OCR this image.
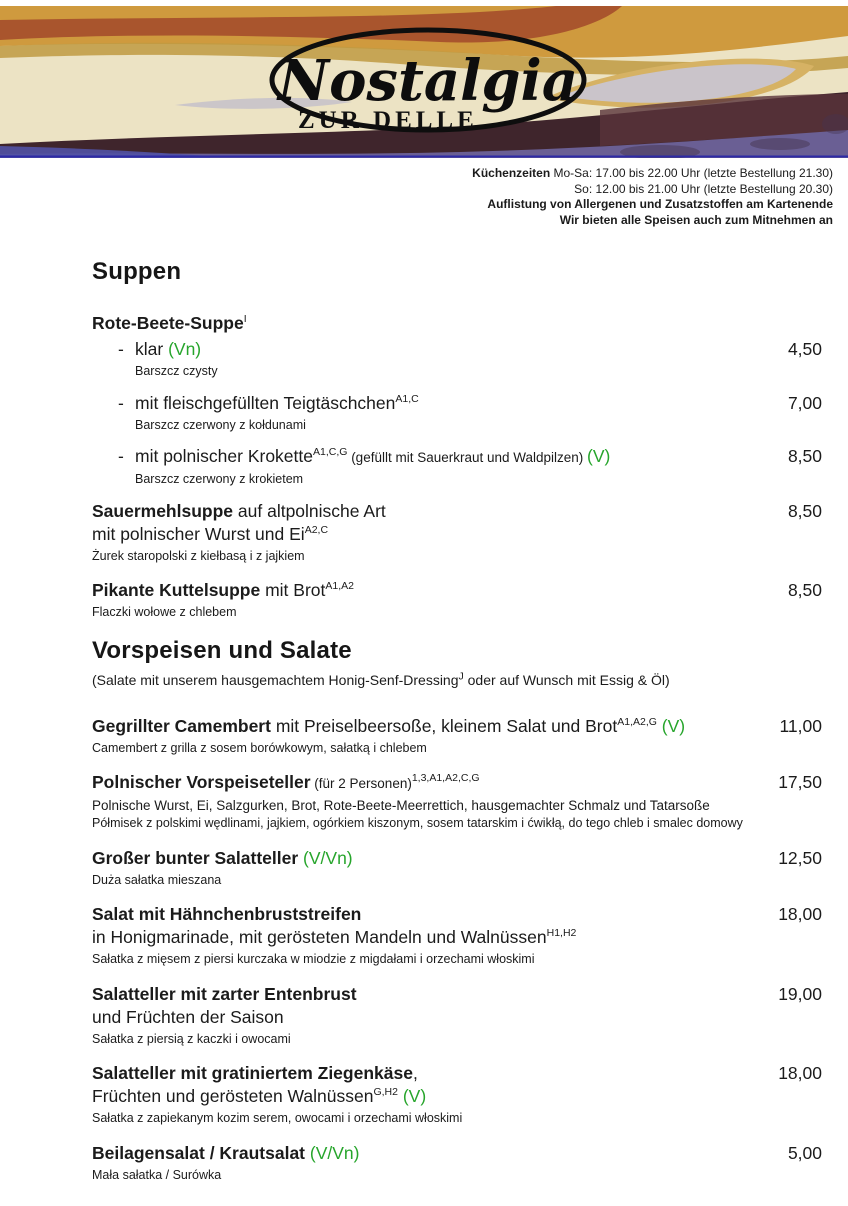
Nostalgia
ZUR DELLE
Küchenzeiten Mo-Sa: 17.00 bis 22.00 Uhr (letzte Bestellung 21.30)
So: 12.00 bis 21.00 Uhr (letzte Bestellung 20.30)
Auflistung von Allergenen und Zusatzstoffen am Kartenende
Wir bieten alle Speisen auch zum Mitnehmen an
Suppen
Rote-Beete-Suppe$^I$
- klar (Vn)
Barszcz czysty
4,50
- mit fleischgefüllten Teigtäschchen$^{A1,C}$
Barszcz czerwony z kołdunami
7,00
- mit polnischer Krokette$^{A1,C,G}$ (gefüllt mit Sauerkraut und Waldpilzen) (V)
Barszcz czerwony z krokietem
8,50
Sauermehlsuppe auf altpolnische Art
mit polnischer Wurst und $Ei^{A2,C}$
Żurek staropolski z kiełbasą i z jajkiem
8,50
Pikante Kuttelsuppe mit Brot$^{A1,A2}$
Flaczki wołowe z chlebem
8,50
Vorspeisen und Salate
(Salate mit unserem hausgemachtem Honig-Senf-Dressing$^J$ oder auf Wunsch mit Essig & Öl)
Gegrillter Camembert mit Preiselbeersoße, kleinem Salat und Brot$^{A1,A2,G}$ (V)
Camembert z grilla z sosem borówkowym, sałatką i chlebem
11,00
Polnischer Vorspeiseteller (für 2 Personen)$^{1,3,A1,A2,C,G}$
Polnische Wurst, Ei, Salzgurken, Brot, Rote-Beete-Meerrettich, hausgemachter Schmalz und Tatarsoße
Półmisek z polskimi wędlinami, jajkiem, ogórkiem kiszonym, sosem tatarskim i ćwikłą, do tego chleb i smalec domowy
17,50
Großer bunter Salatteller (V/Vn)
Duża sałatka mieszana
12,50
Salat mit Hähnchenbruststreifen
in Honigmarinade, mit gerösteten Mandeln und Walnüssen$^{H1,H2}$
Sałatka z mięsem z piersi kurczaka w miodzie z migdałami i orzechami włoskimi
18,00
Salatteller mit zarter Entenbrust
und Früchten der Saison
Sałatka z piersią z kaczki i owocami
19,00
Salatteller mit gratiniertem Ziegenkäse,
Früchten und gerösteten Walnüssen$^{G,H2}$ (V)
Sałatka z zapiekanym kozim serem, owocami i orzechami włoskimi
18,00
Beilagensalat / Krautsalat (V/Vn)
Mała sałatka / Surówka
5,00
